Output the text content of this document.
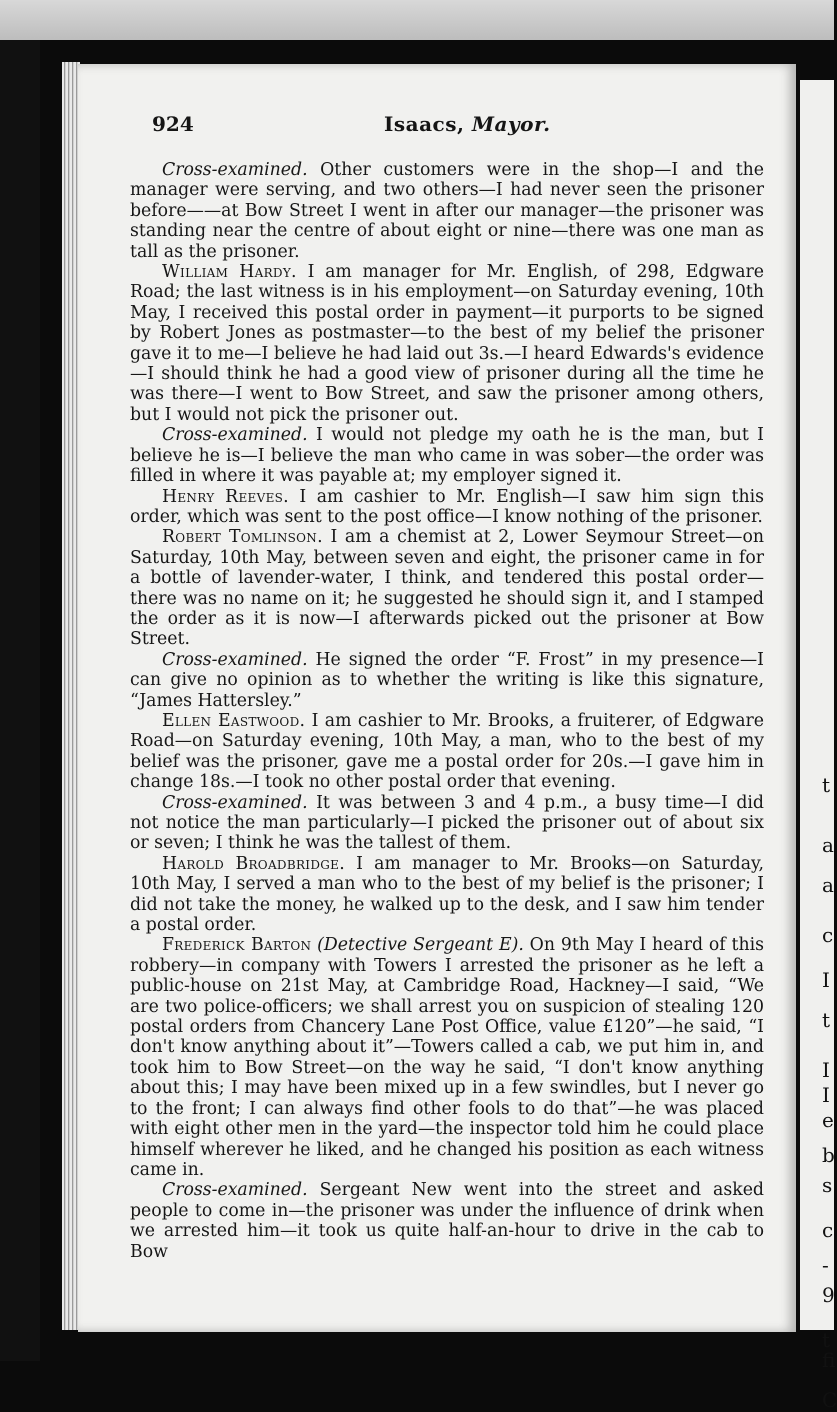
t
a
a
c
I
t
I
I
e
b
s
c
-
9
t
fi
C
924	Isaacs, Mayor.

Cross-examined. Other customers were in the shop—I and the manager were serving, and two others—I had never seen the prisoner before——at Bow Street I went in after our manager—the prisoner was standing near the centre of about eight or nine—there was one man as tall as the prisoner.

William Hardy. I am manager for Mr. English, of 298, Edgware Road; the last witness is in his employment—on Saturday evening, 10th May, I received this postal order in payment—it purports to be signed by Robert Jones as postmaster—to the best of my belief the prisoner gave it to me—I believe he had laid out 3s.—I heard Edwards's evidence—I should think he had a good view of prisoner during all the time he was there—I went to Bow Street, and saw the prisoner among others, but I would not pick the prisoner out.

Cross-examined. I would not pledge my oath he is the man, but I believe he is—I believe the man who came in was sober—the order was filled in where it was payable at; my employer signed it.

Henry Reeves. I am cashier to Mr. English—I saw him sign this order, which was sent to the post office—I know nothing of the prisoner.

Robert Tomlinson. I am a chemist at 2, Lower Seymour Street—on Saturday, 10th May, between seven and eight, the prisoner came in for a bottle of lavender-water, I think, and tendered this postal order—there was no name on it; he suggested he should sign it, and I stamped the order as it is now—I afterwards picked out the prisoner at Bow Street.

Cross-examined. He signed the order “F. Frost” in my presence—I can give no opinion as to whether the writing is like this signature, “James Hattersley.”

Ellen Eastwood. I am cashier to Mr. Brooks, a fruiterer, of Edgware Road—on Saturday evening, 10th May, a man, who to the best of my belief was the prisoner, gave me a postal order for 20s.—I gave him in change 18s.—I took no other postal order that evening.

Cross-examined. It was between 3 and 4 p.m., a busy time—I did not notice the man particularly—I picked the prisoner out of about six or seven; I think he was the tallest of them.

Harold Broadbridge. I am manager to Mr. Brooks—on Saturday, 10th May, I served a man who to the best of my belief is the prisoner; I did not take the money, he walked up to the desk, and I saw him tender a postal order.

Frederick Barton (Detective Sergeant E). On 9th May I heard of this robbery—in company with Towers I arrested the prisoner as he left a public-house on 21st May, at Cambridge Road, Hackney—I said, “We are two police-officers; we shall arrest you on suspicion of stealing 120 postal orders from Chancery Lane Post Office, value £120”—he said, “I don't know anything about it”—Towers called a cab, we put him in, and took him to Bow Street—on the way he said, “I don't know anything about this; I may have been mixed up in a few swindles, but I never go to the front; I can always find other fools to do that”—he was placed with eight other men in the yard—the inspector told him he could place himself wherever he liked, and he changed his position as each witness came in.

Cross-examined. Sergeant New went into the street and asked people to come in—the prisoner was under the influence of drink when we arrested him—it took us quite half-an-hour to drive in the cab to Bow
